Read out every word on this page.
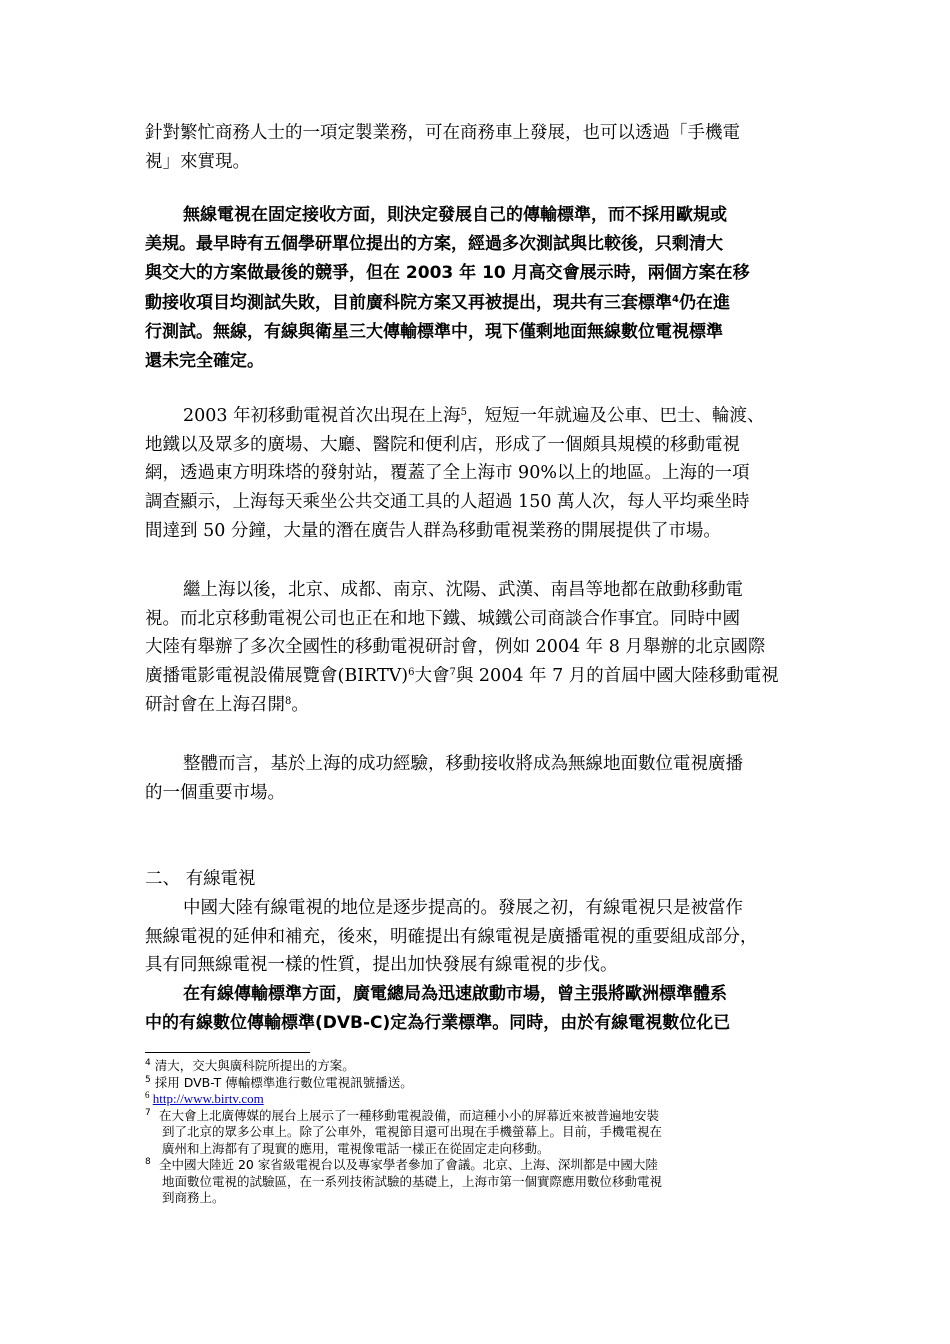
針對繁忙商務人士的一項定製業務，可在商務車上發展，也可以透過「手機電
視」來實現。
無線電視在固定接收方面，則決定發展自己的傳輸標準，而不採用歐規或
美規。最早時有五個學研單位提出的方案，經過多次測試與比較後，只剩清大
與交大的方案做最後的競爭，但在 2003 年 10 月高交會展示時，兩個方案在移
動接收項目均測試失敗，目前廣科院方案又再被提出，現共有三套標準$^4$仍在進
行測試。無線，有線與衛星三大傳輸標準中，現下僅剩地面無線數位電視標準
還未完全確定。
2003 年初移動電視首次出現在上海$^5$，短短一年就遍及公車、巴士、輪渡、
地鐵以及眾多的廣場、大廳、醫院和便利店，形成了一個頗具規模的移動電視
網，透過東方明珠塔的發射站，覆蓋了全上海市 90%以上的地區。上海的一項
調查顯示，上海每天乘坐公共交通工具的人超過 150 萬人次，每人平均乘坐時
間達到 50 分鐘，大量的潛在廣告人群為移動電視業務的開展提供了市場。
繼上海以後，北京、成都、南京、沈陽、武漢、南昌等地都在啟動移動電
視。而北京移動電視公司也正在和地下鐵、城鐵公司商談合作事宜。同時中國
大陸有舉辦了多次全國性的移動電視研討會，例如 2004 年 8 月舉辦的北京國際
廣播電影電視設備展覽會(BIRTV)$^6$大會$^7$與 2004 年 7 月的首屆中國大陸移動電視
研討會在上海召開$^8$。
整體而言，基於上海的成功經驗，移動接收將成為無線地面數位電視廣播
的一個重要市場。
二、 有線電視
中國大陸有線電視的地位是逐步提高的。發展之初，有線電視只是被當作
無線電視的延伸和補充，後來，明確提出有線電視是廣播電視的重要組成部分，
具有同無線電視一樣的性質，提出加快發展有線電視的步伐。
在有線傳輸標準方面，廣電總局為迅速啟動市場，曾主張將歐洲標準體系
中的有線數位傳輸標準(DVB-C)定為行業標準。同時，由於有線電視數位化已
$^4$ 清大，交大與廣科院所提出的方案。
$^5$ 採用 DVB-T 傳輸標準進行數位電視訊號播送。
$^6$ http://www.birtv.com
$^7$ 在大會上北廣傳媒的展台上展示了一種移動電視設備，而這種小小的屏幕近來被普遍地安裝
到了北京的眾多公車上。除了公車外，電視節目還可出現在手機螢幕上。目前，手機電視在
廣州和上海都有了現實的應用，電視像電話一樣正在從固定走向移動。
$^8$ 全中國大陸近 20 家省級電視台以及專家學者參加了會議。北京、上海、深圳都是中國大陸
地面數位電視的試驗區，在一系列技術試驗的基礎上，上海市第一個實際應用數位移動電視
到商務上。
